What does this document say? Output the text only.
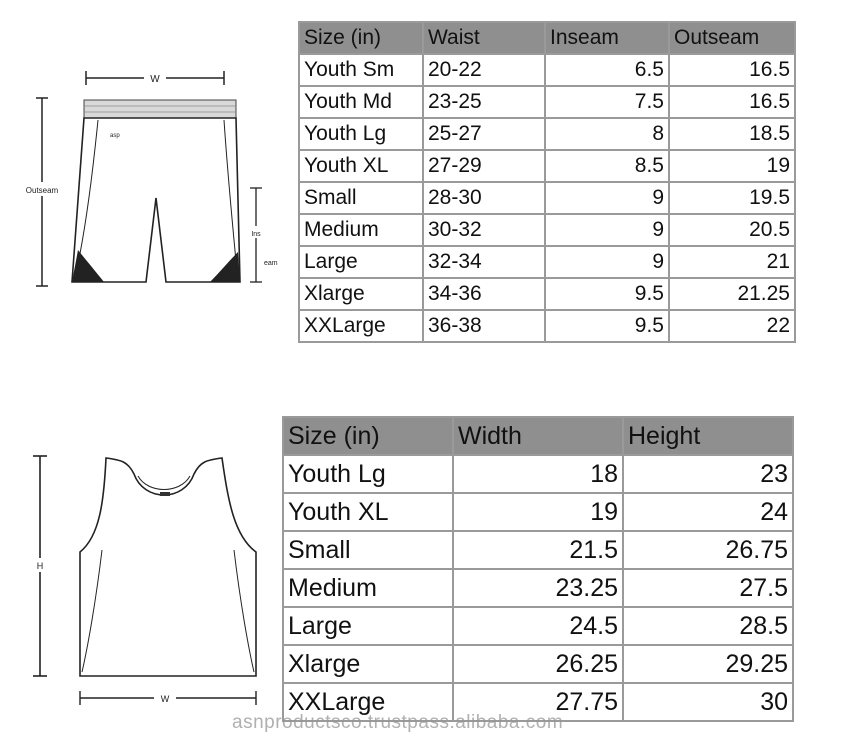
W
Outseam
asp
Ins
eam
H
W
Size (in)	Waist	Inseam	Outseam
Youth Sm	20-22	6.5	16.5
Youth Md	23-25	7.5	16.5
Youth Lg	25-27	8	18.5
Youth XL	27-29	8.5	19
Small	28-30	9	19.5
Medium	30-32	9	20.5
Large	32-34	9	21
Xlarge	34-36	9.5	21.25
XXLarge	36-38	9.5	22
Size (in)	Width	Height
Youth Lg	18	23
Youth XL	19	24
Small	21.5	26.75
Medium	23.25	27.5
Large	24.5	28.5
Xlarge	26.25	29.25
XXLarge	27.75	30
asnproductsco.trustpass.alibaba.com
